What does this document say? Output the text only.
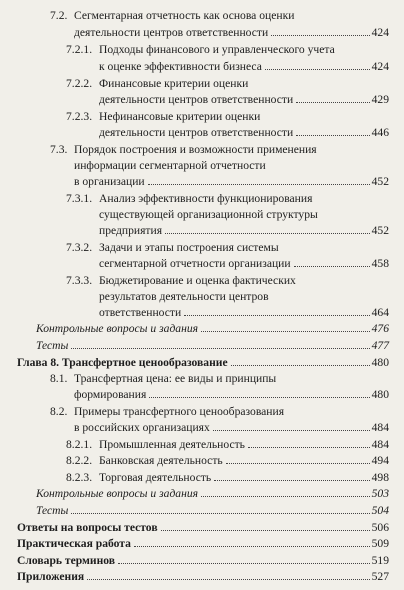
7.2. Сегментарная отчетность как основа оценки
деятельности центров ответственности	424
7.2.1. Подходы финансового и управленческого учета
к оценке эффективности бизнеса	424
7.2.2. Финансовые критерии оценки
деятельности центров ответственности	429
7.2.3. Нефинансовые критерии оценки
деятельности центров ответственности	446
7.3. Порядок построения и возможности применения
информации сегментарной отчетности
в организации	452
7.3.1. Анализ эффективности функционирования
существующей организационной структуры
предприятия	452
7.3.2. Задачи и этапы построения системы
сегментарной отчетности организации	458
7.3.3. Бюджетирование и оценка фактических
результатов деятельности центров
ответственности	464
Контрольные вопросы и задания	476
Тесты	477
Глава 8. Трансфертное ценообразование	480
8.1. Трансфертная цена: ее виды и принципы
формирования	480
8.2. Примеры трансфертного ценообразования
в российских организациях	484
8.2.1. Промышленная деятельность	484
8.2.2. Банковская деятельность	494
8.2.3. Торговая деятельность	498
Контрольные вопросы и задания	503
Тесты	504
Ответы на вопросы тестов	506
Практическая работа	509
Словарь терминов	519
Приложения	527
